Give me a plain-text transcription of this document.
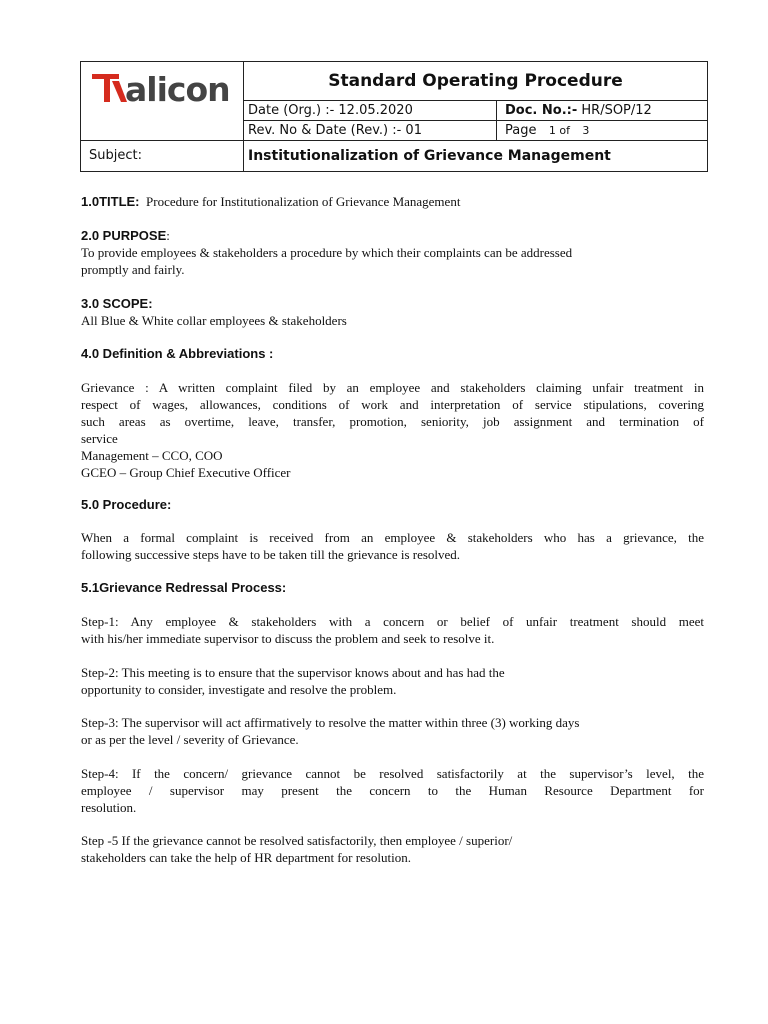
alicon	Standard Operating Procedure
Date (Org.) :- 12.05.2020	Doc. No.:- HR/SOP/12
Rev. No & Date (Rev.) :- 01	Page 1 of 3
Subject:	Institutionalization of Grievance Management
1.0TITLE: Procedure for Institutionalization of Grievance Management
2.0 PURPOSE:
To provide employees & stakeholders a procedure by which their complaints can be addressed
promptly and fairly.
3.0 SCOPE:
All Blue & White collar employees & stakeholders
4.0 Definition & Abbreviations :
Grievance : A written complaint filed by an employee and stakeholders claiming unfair treatment in
respect of wages, allowances, conditions of work and interpretation of service stipulations, covering
such areas as overtime, leave, transfer, promotion, seniority, job assignment and termination of
service
Management – CCO, COO
GCEO – Group Chief Executive Officer
5.0 Procedure:
When a formal complaint is received from an employee & stakeholders who has a grievance, the
following successive steps have to be taken till the grievance is resolved.
5.1Grievance Redressal Process:
Step-1: Any employee & stakeholders with a concern or belief of unfair treatment should meet
with his/her immediate supervisor to discuss the problem and seek to resolve it.
Step-2: This meeting is to ensure that the supervisor knows about and has had the
opportunity to consider, investigate and resolve the problem.
Step-3: The supervisor will act affirmatively to resolve the matter within three (3) working days
or as per the level / severity of Grievance.
Step-4: If the concern/ grievance cannot be resolved satisfactorily at the supervisor’s level, the
employee / supervisor may present the concern to the Human Resource Department for
resolution.
Step -5 If the grievance cannot be resolved satisfactorily, then employee / superior/
stakeholders can take the help of HR department for resolution.
